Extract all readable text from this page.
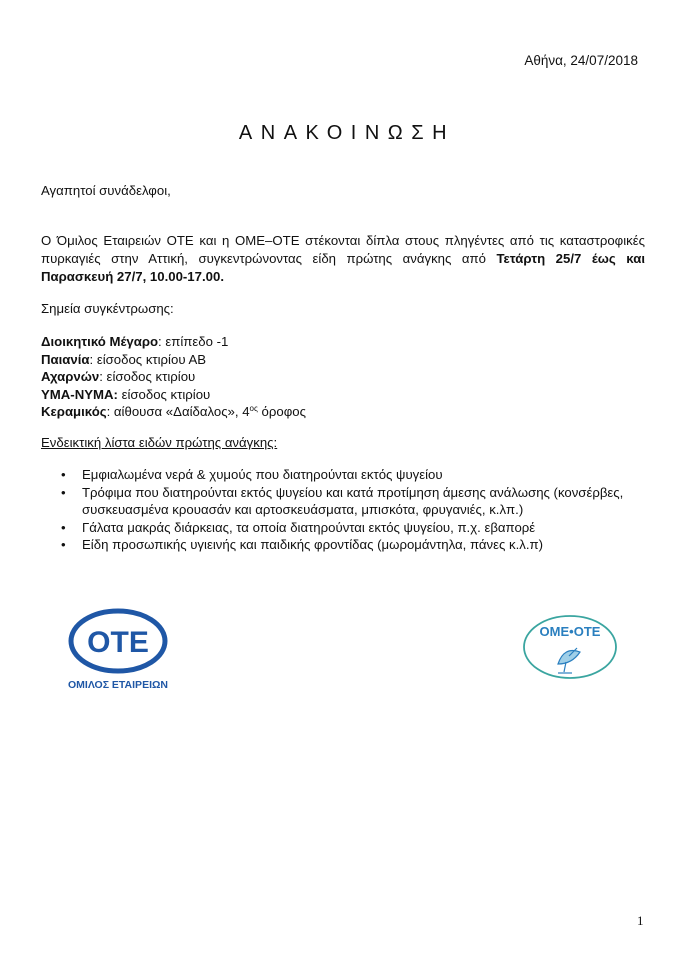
Αθήνα, 24/07/2018
ΑΝΑΚΟΙΝΩΣΗ
Αγαπητοί συνάδελφοι,
Ο Όμιλος Εταιρειών ΟΤΕ και η ΟΜΕ–ΟΤΕ στέκονται δίπλα στους πληγέντες από τις καταστροφικές πυρκαγιές στην Αττική, συγκεντρώνοντας είδη πρώτης ανάγκης από Τετάρτη 25/7 έως και Παρασκευή 27/7, 10.00-17.00.
Σημεία συγκέντρωσης:
Διοικητικό Μέγαρο: επίπεδο -1
Παιανία: είσοδος κτιρίου ΑΒ
Αχαρνών: είσοδος κτιρίου
ΥΜΑ-ΝΥΜΑ: είσοδος κτιρίου
Κεραμικός: αίθουσα «Δαίδαλος», $4^{o\varsigma}$ όροφος
Ενδεικτική λίστα ειδών πρώτης ανάγκης:
• Εμφιαλωμένα νερά & χυμούς που διατηρούνται εκτός ψυγείου
• Τρόφιμα που διατηρούνται εκτός ψυγείου και κατά προτίμηση άμεσης ανάλωσης (κονσέρβες, συσκευασμένα κρουασάν και αρτοσκευάσματα, μπισκότα, φρυγανιές, κ.λπ.)
• Γάλατα μακράς διάρκειας, τα οποία διατηρούνται εκτός ψυγείου, π.χ. εβαπορέ
• Είδη προσωπικής υγιεινής και παιδικής φροντίδας (μωρομάντηλα, πάνες κ.λ.π)
ΟΤΕ
ΟΜΙΛΟΣ ΕΤΑΙΡΕΙΩΝ
ΟΜΕ•ΟΤΕ
1
